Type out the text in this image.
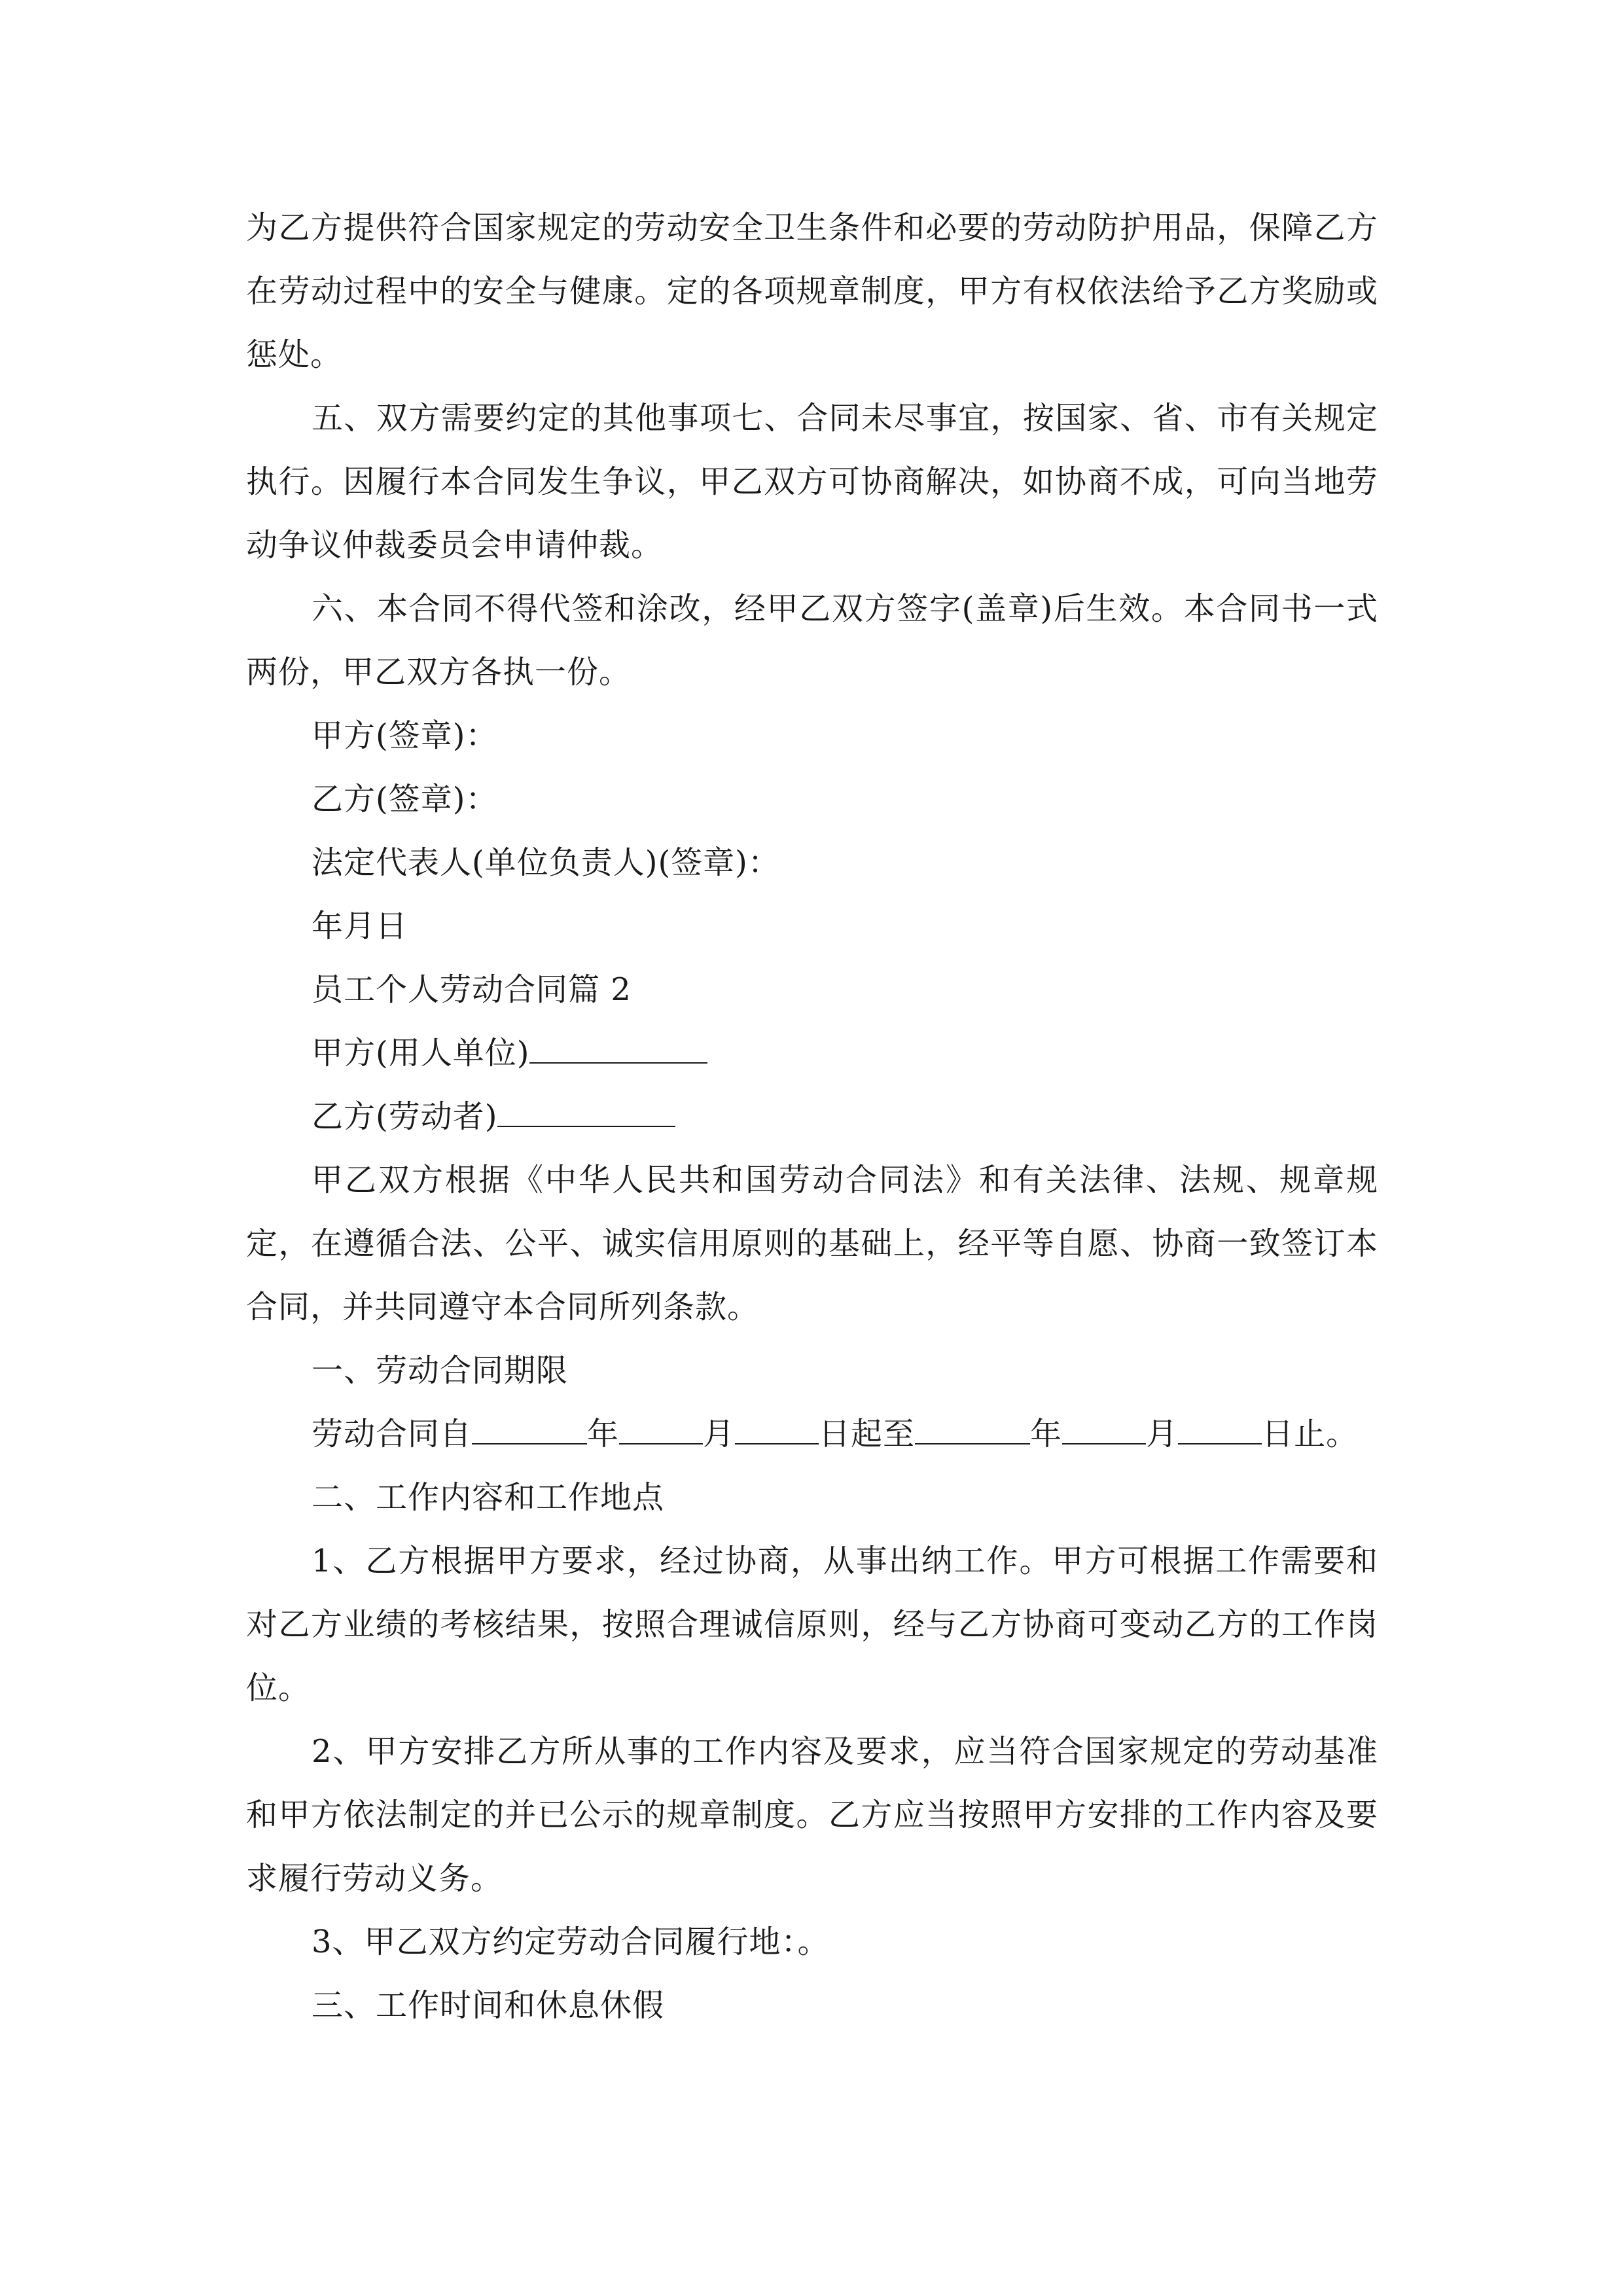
为乙方提供符合国家规定的劳动安全卫生条件和必要的劳动防护用品，保障乙方在劳动过程中的安全与健康。定的各项规章制度，甲方有权依法给予乙方奖励或惩处。

五、双方需要约定的其他事项七、合同未尽事宜，按国家、省、市有关规定执行。因履行本合同发生争议，甲乙双方可协商解决，如协商不成，可向当地劳动争议仲裁委员会申请仲裁。

六、本合同不得代签和涂改，经甲乙双方签字(盖章)后生效。本合同书一式两份，甲乙双方各执一份。

甲方(签章)：

乙方(签章)：

法定代表人(单位负责人)(签章)：

年月日

员工个人劳动合同篇 2

甲方(用人单位)

乙方(劳动者)

甲乙双方根据《中华人民共和国劳动合同法》和有关法律、法规、规章规定，在遵循合法、公平、诚实信用原则的基础上，经平等自愿、协商一致签订本合同，并共同遵守本合同所列条款。

一、劳动合同期限

劳动合同自	年	月	日起至	年	月	日止。

二、工作内容和工作地点

1、乙方根据甲方要求，经过协商，从事出纳工作。甲方可根据工作需要和对乙方业绩的考核结果，按照合理诚信原则，经与乙方协商可变动乙方的工作岗位。

2、甲方安排乙方所从事的工作内容及要求，应当符合国家规定的劳动基准和甲方依法制定的并已公示的规章制度。乙方应当按照甲方安排的工作内容及要求履行劳动义务。

3、甲乙双方约定劳动合同履行地：。

三、工作时间和休息休假
